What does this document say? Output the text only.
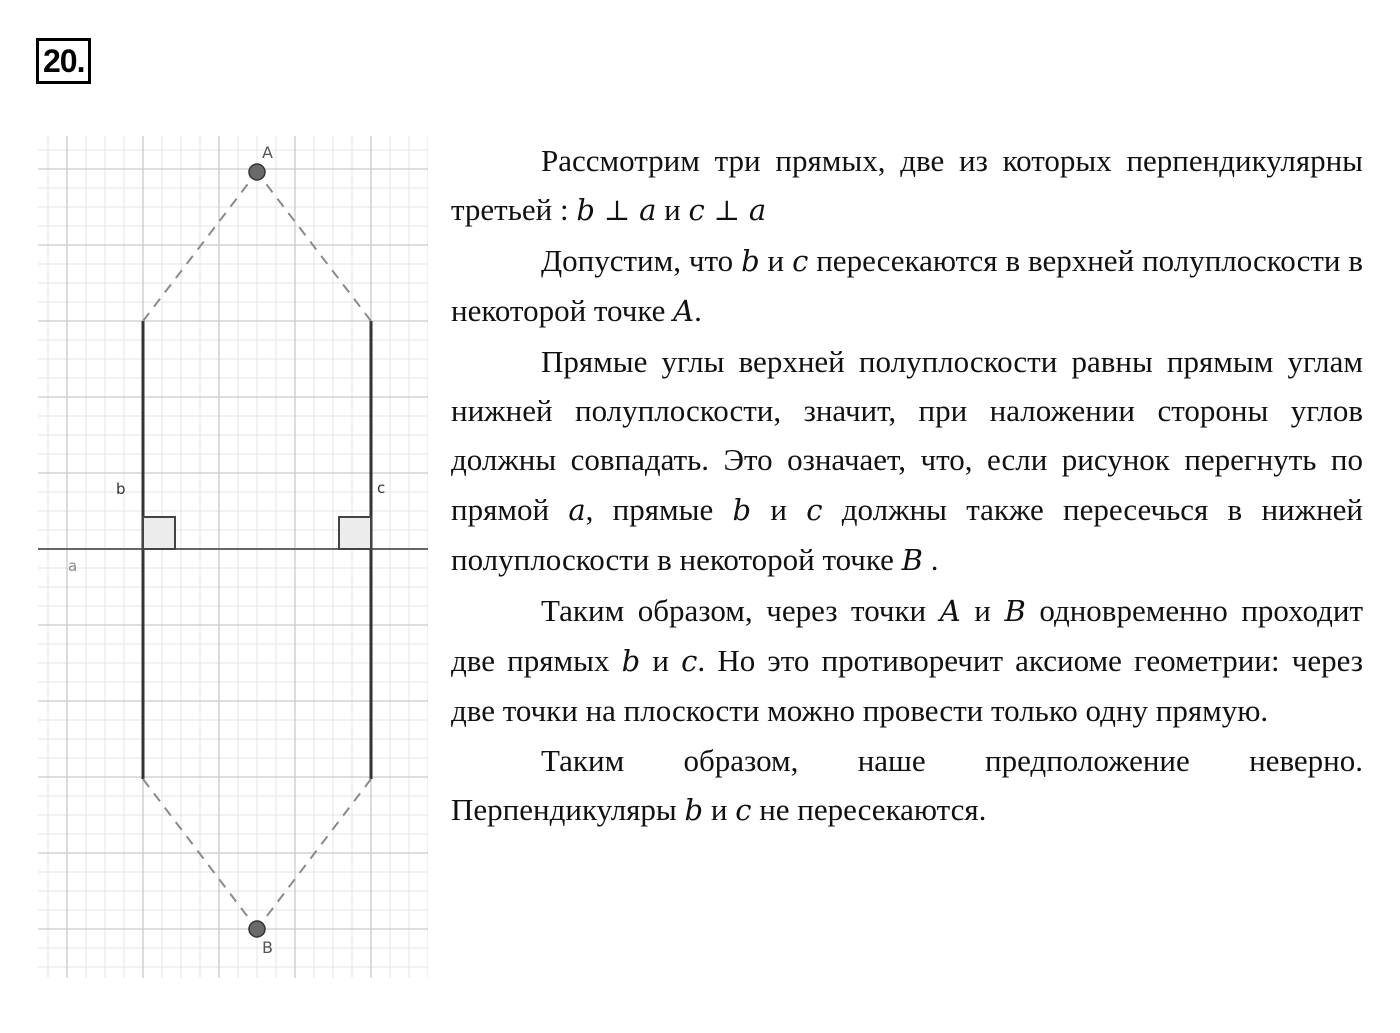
20.
A
B
b	c
a

Рассмотрим три прямых, две из которых перпендикулярны третьей : b ⊥ a и c ⊥ a

Допустим, что b и c пересекаются в верхней полуплоскости в некоторой точке A.

Прямые углы верхней полуплоскости равны прямым углам нижней полуплоскости, значит, при наложении стороны углов должны совпадать. Это означает, что, если рисунок перегнуть по прямой a, прямые b и c должны также пересечься в нижней полуплоскости в некоторой точке B .

Таким образом, через точки A и B одновременно проходит две прямых b и c. Но это противоречит аксиоме геометрии: через две точки на плоскости можно провести только одну прямую.

Таким образом, наше предположение неверно. Перпендикуляры b и c не пересекаются.
